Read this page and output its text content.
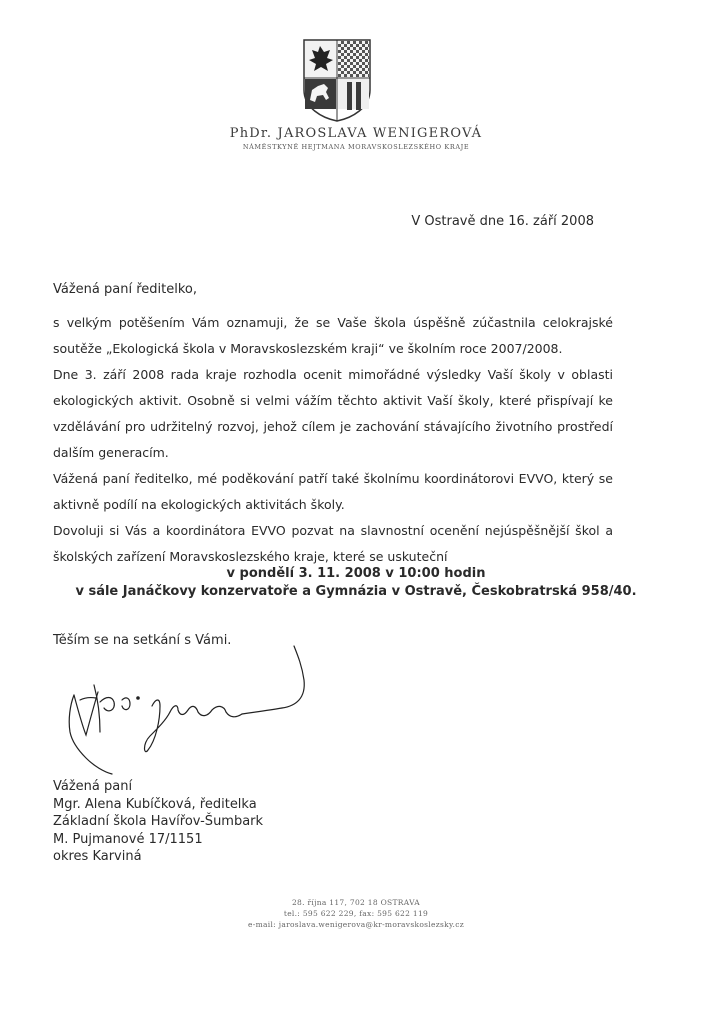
PhDr. JAROSLAVA WENIGEROVÁ
NÁMĚSTKYNĚ HEJTMANA MORAVSKOSLEZSKÉHO KRAJE
V Ostravě dne 16. září 2008
Vážená paní ředitelko,

s velkým potěšením Vám oznamuji, že se Vaše škola úspěšně zúčastnila celokrajské soutěže „Ekologická škola v Moravskoslezském kraji“ ve školním roce 2007/2008.

Dne 3. září 2008 rada kraje rozhodla ocenit mimořádné výsledky Vaší školy v oblasti ekologických aktivit. Osobně si velmi vážím těchto aktivit Vaší školy, které přispívají ke vzdělávání pro udržitelný rozvoj, jehož cílem je zachování stávajícího životního prostředí dalším generacím.

Vážená paní ředitelko, mé poděkování patří také školnímu koordinátorovi EVVO, který se aktivně podílí na ekologických aktivitách školy.

Dovoluji si Vás a koordinátora EVVO pozvat na slavnostní ocenění nejúspěšnější škol a školských zařízení Moravskoslezského kraje, které se uskuteční

v pondělí 3. 11. 2008 v 10:00 hodin
v sále Janáčkovy konzervatoře a Gymnázia v Ostravě, Českobratrská 958/40.
Těším se na setkání s Vámi.
Vážená paní
Mgr. Alena Kubíčková, ředitelka
Základní škola Havířov-Šumbark
M. Pujmanové 17/1151
okres Karviná
28. října 117, 702 18 OSTRAVA
tel.: 595 622 229, fax: 595 622 119
e-mail: jaroslava.wenigerova@kr-moravskoslezsky.cz
